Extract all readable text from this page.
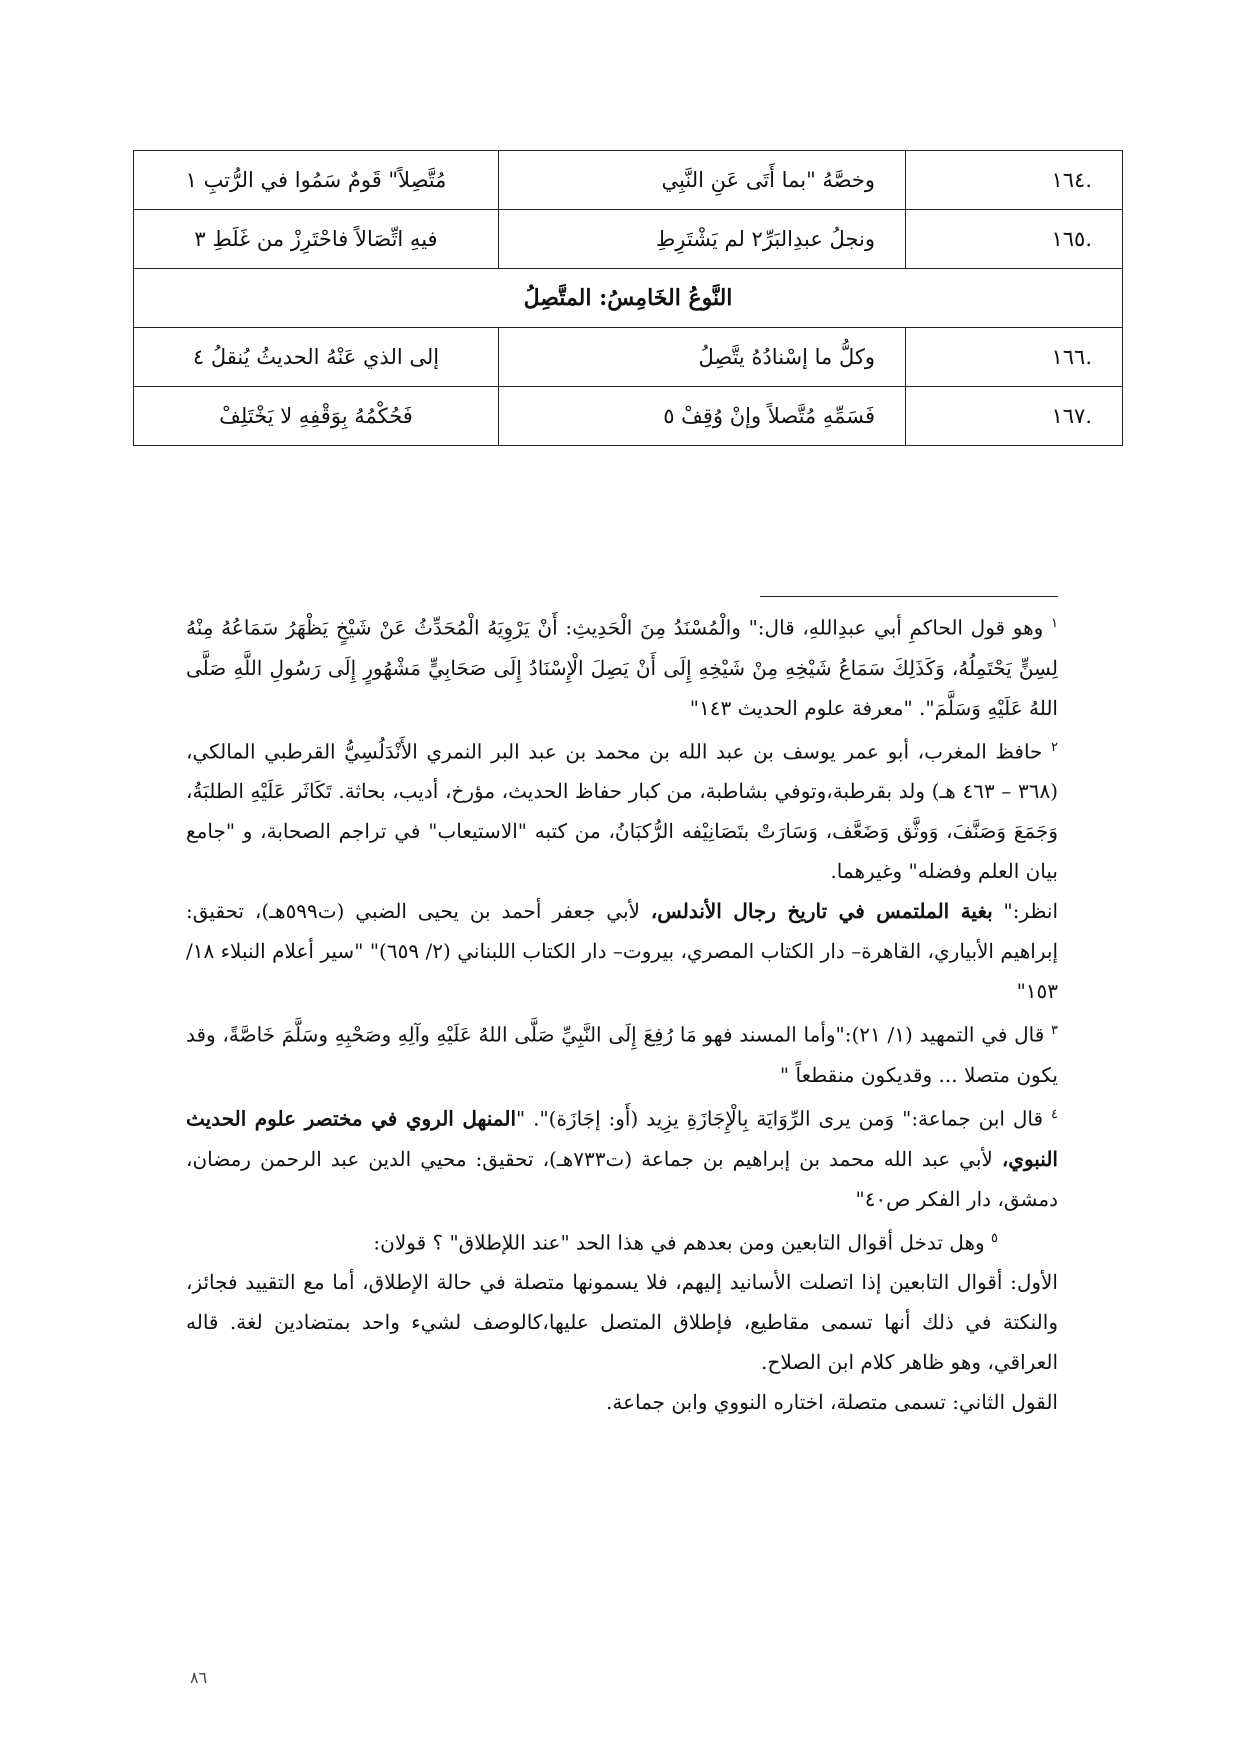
.١٦٤	وخصَّهُ "بما أَتَى عَنِ النَّبِي	مُتَّصِلاً" قَومٌ سَمُوا في الرُّتبِ ١
.١٦٥	ونجلُ عبدِالبَرِّ٢ لم يَشْتَرِطِ	فيهِ اتِّصَالاً فاحْتَرِزْ من غَلَطِ ٣
النَّوعُ الخَامِسُ: المتَّصِلُ		
.١٦٦	وكلُّ ما إسْنادُهُ يتَّصِلُ	إلى الذي عَنْهُ الحديثُ يُنقلُ ٤
.١٦٧	فَسَمِّهِ مُتَّصلاً وإنْ وُقِفْ ٥	فَحُكْمُهُ بِوَقْفِهِ لا يَخْتَلِفْ

$^١$ وهو قول الحاكمِ أبي عبدِاللهِ، قال:" والْمُسْنَدُ مِنَ الْحَدِيثِ: أَنْ يَرْوِيَهُ الْمُحَدِّثُ عَنْ شَيْخٍ يَظْهَرُ سَمَاعُهُ مِنْهُ لِسِنٍّ يَحْتَمِلُهُ، وَكَذَلِكَ سَمَاعُ شَيْخِهِ مِنْ شَيْخِهِ إِلَى أَنْ يَصِلَ الْإِسْنَادُ إِلَى صَحَابِيٍّ مَشْهُورٍ إِلَى رَسُولِ اللَّهِ صَلَّى اللهُ عَلَيْهِ وَسَلَّمَ". "معرفة علوم الحديث ١٤٣"

$^٢$ حافظ المغرب، أبو عمر يوسف بن عبد الله بن محمد بن عبد البر النمري الأَنْدَلُسِيُّ القرطبي المالكي، (٣٦٨ – ٤٦٣ هـ) ولد بقرطبة،وتوفي بشاطبة، من كبار حفاظ الحديث، مؤرخ، أديب، بحاثة. تَكَاثَر عَلَيْهِ الطلبَةُ، وَجَمَعَ وَصَنَّفَ، وَوثَّق وَضَعَّف، وَسَارَتْ بتَصَانِيْفه الرُّكبَانُ، من كتبه "الاستيعاب" في تراجم الصحابة، و "جامع بيان العلم وفضله" وغيرهما.

انظر:" بغية الملتمس في تاريخ رجال الأندلس، لأبي جعفر أحمد بن يحيى الضبي (ت٥٩٩هـ)، تحقيق: إبراهيم الأبياري، القاهرة– دار الكتاب المصري، بيروت– دار الكتاب اللبناني (٢/ ٦٥٩)" "سير أعلام النبلاء ١٨/ ١٥٣"

$^٣$ قال في التمهيد (١/ ٢١):"وأما المسند فهو مَا رُفِعَ إِلَى النَّبِيِّ صَلَّى اللهُ عَلَيْهِ وآلِهِ وصَحْبِهِ وسَلَّمَ خَاصَّةً، وقد يكون متصلا ... وقديكون منقطعاً "

$^٤$ قال ابن جماعة:" وَمن يرى الرِّوَايَة بِالْإِجَازَةِ يزِيد (أَو: إجَازَة)". "المنهل الروي في مختصر علوم الحديث النبوي، لأبي عبد الله محمد بن إبراهيم بن جماعة (ت٧٣٣هـ)، تحقيق: محيي الدين عبد الرحمن رمضان، دمشق، دار الفكر ص٤٠"

$^٥$ وهل تدخل أقوال التابعين ومن بعدهم في هذا الحد "عند اللإطلاق" ؟ قولان:

الأول: أقوال التابعين إذا اتصلت الأسانيد إليهم، فلا يسمونها متصلة في حالة الإطلاق، أما مع التقييد فجائز، والنكتة في ذلك أنها تسمى مقاطيع، فإطلاق المتصل عليها،كالوصف لشيء واحد بمتضادين لغة. قاله العراقي، وهو ظاهر كلام ابن الصلاح.

القول الثاني: تسمى متصلة، اختاره النووي وابن جماعة.

٨٦
